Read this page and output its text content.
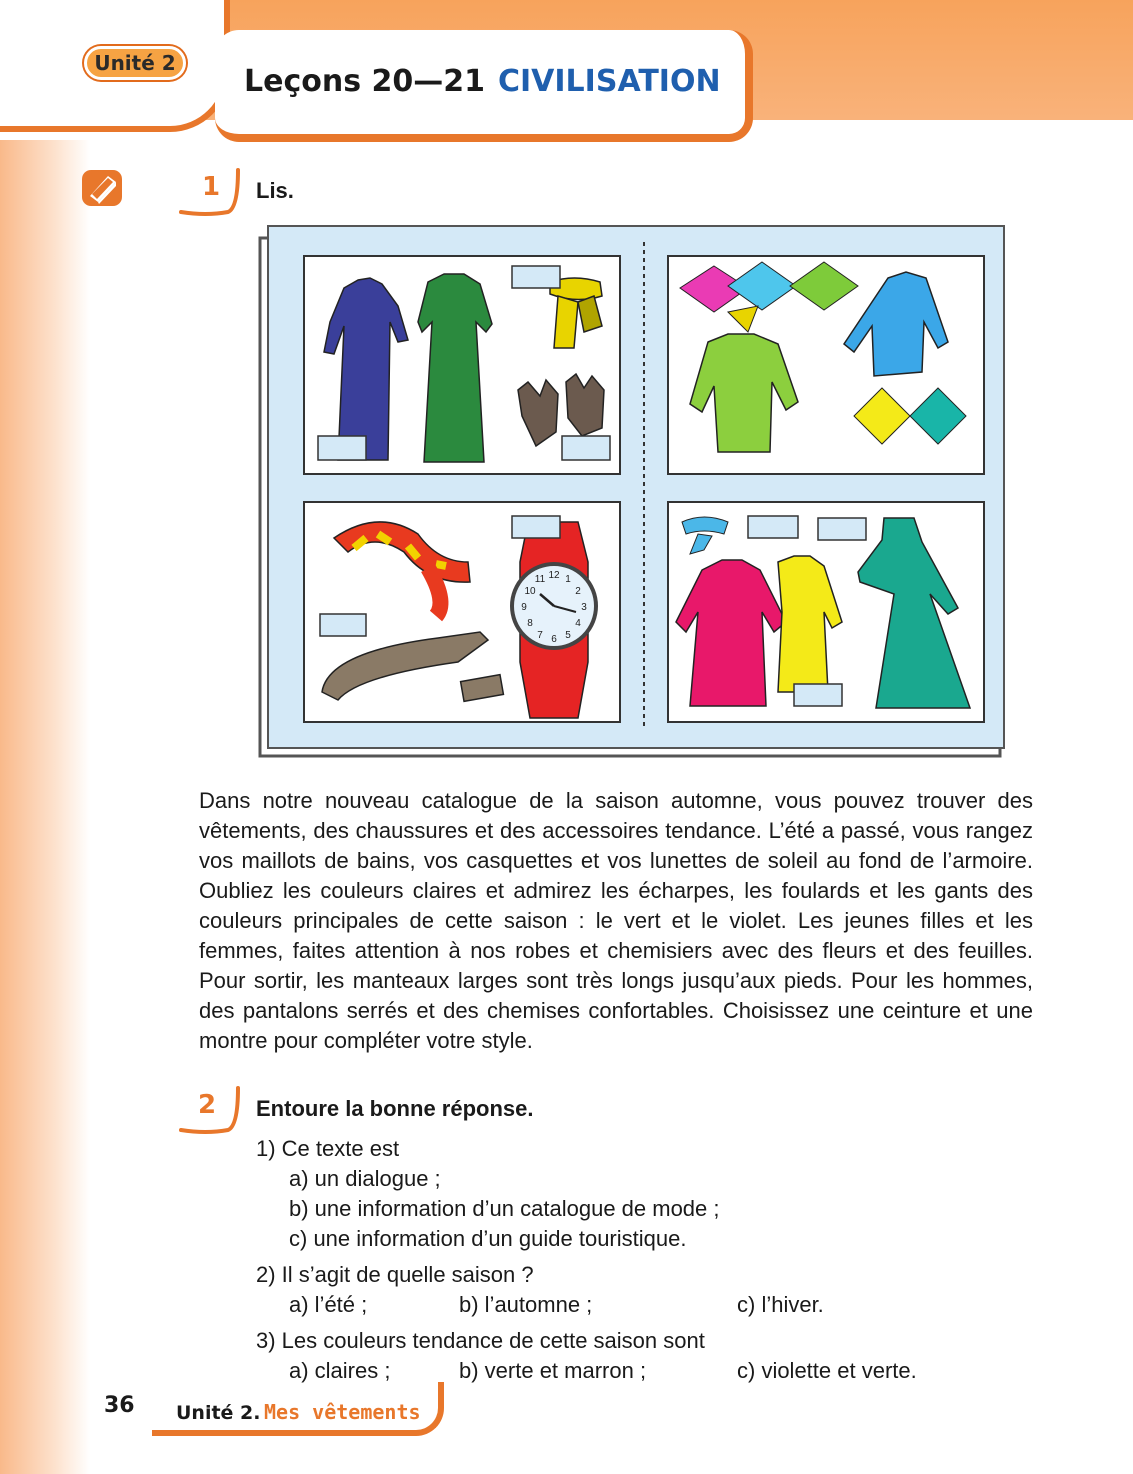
Unité 2
Leçons 20—21 CIVILISATION
1 Lis.
12 1
2
3
4
5
6
7
8
9
10
11
Dans notre nouveau catalogue de la saison automne, vous pouvez trouver des vêtements, des chaussures et des accessoires tendance. L’été a passé, vous rangez vos maillots de bains, vos casquettes et vos lunettes de soleil au fond de l’armoire. Oubliez les couleurs claires et admirez les écharpes, les foulards et les gants des couleurs principales de cette saison : le vert et le violet. Les jeunes filles et les femmes, faites attention à nos robes et chemisiers avec des fleurs et des feuilles. Pour sortir, les manteaux larges sont très longs jusqu’aux pieds. Pour les hommes, des pantalons serrés et des chemises confortables. Choisissez une ceinture et une montre pour compléter votre style.
2 Entoure la bonne réponse.
1) Ce texte est
a) un dialogue ;
b) une information d’un catalogue de mode ;
c) une information d’un guide touristique.
2) Il s’agit de quelle saison ?
a) l’été ;	b) l’automne ;	c) l’hiver.
3) Les couleurs tendance de cette saison sont
a) claires ;	b) verte et marron ;	c) violette et verte.
36 Unité 2. Mes vêtements
